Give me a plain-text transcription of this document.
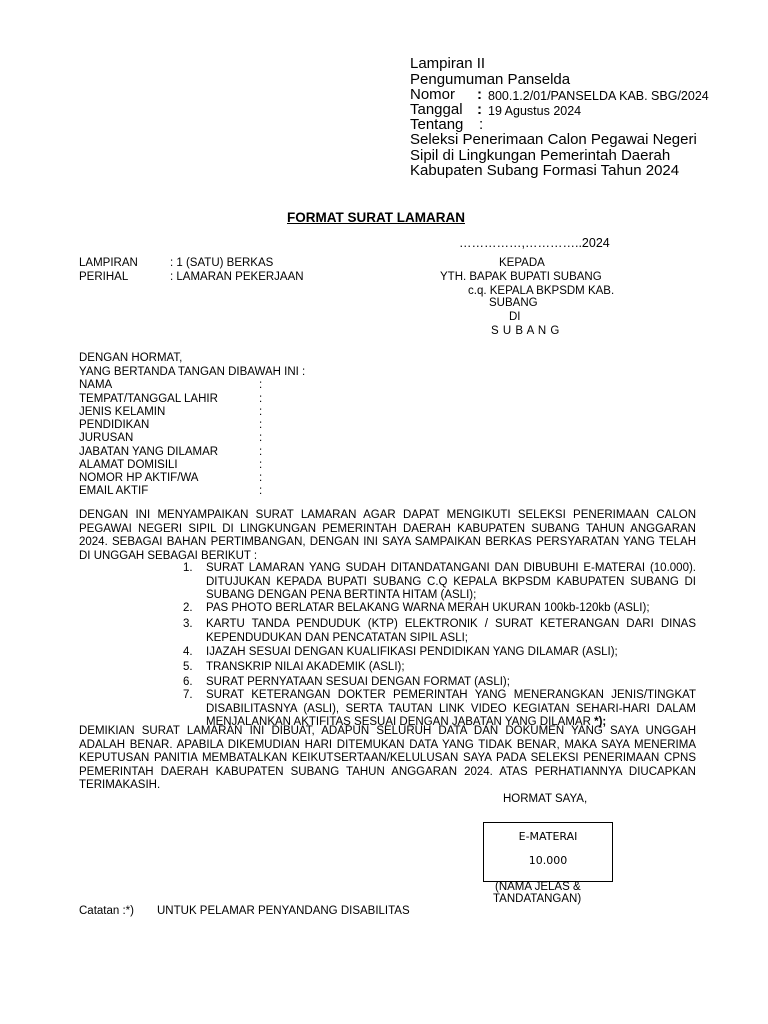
Lampiran II
Pengumuman Panselda
Nomor : 800.1.2/01/PANSELDA KAB. SBG/2024
Tanggal : 19 Agustus 2024
Tentang :
Seleksi Penerimaan Calon Pegawai Negeri
Sipil di Lingkungan Pemerintah Daerah
Kabupaten Subang Formasi Tahun 2024
FORMAT SURAT LAMARAN
……………,…………..2024
LAMPIRAN	: 1 (SATU) BERKAS
PERIHAL	: LAMARAN PEKERJAAN
KEPADA
YTH. BAPAK BUPATI SUBANG
c.q. KEPALA BKPSDM KAB.
SUBANG
DI
S U B A N G
DENGAN HORMAT,
YANG BERTANDA TANGAN DIBAWAH INI :
NAMA	:
TEMPAT/TANGGAL LAHIR	:
JENIS KELAMIN	:
PENDIDIKAN	:
JURUSAN	:
JABATAN YANG DILAMAR	:
ALAMAT DOMISILI	:
NOMOR HP AKTIF/WA	:
EMAIL AKTIF	:
DENGAN INI MENYAMPAIKAN SURAT LAMARAN AGAR DAPAT MENGIKUTI SELEKSI PENERIMAAN CALON PEGAWAI NEGERI SIPIL DI LINGKUNGAN PEMERINTAH DAERAH KABUPATEN SUBANG TAHUN ANGGARAN 2024. SEBAGAI BAHAN PERTIMBANGAN, DENGAN INI SAYA SAMPAIKAN BERKAS PERSYARATAN YANG TELAH DI UNGGAH SEBAGAI BERIKUT :
1. SURAT LAMARAN YANG SUDAH DITANDATANGANI DAN DIBUBUHI E-MATERAI (10.000). DITUJUKAN KEPADA BUPATI SUBANG C.Q KEPALA BKPSDM KABUPATEN SUBANG DI SUBANG DENGAN PENA BERTINTA HITAM (ASLI);
2. PAS PHOTO BERLATAR BELAKANG WARNA MERAH UKURAN 100kb-120kb (ASLI);
3. KARTU TANDA PENDUDUK (KTP) ELEKTRONIK / SURAT KETERANGAN DARI DINAS KEPENDUDUKAN DAN PENCATATAN SIPIL ASLI;
4. IJAZAH SESUAI DENGAN KUALIFIKASI PENDIDIKAN YANG DILAMAR (ASLI);
5. TRANSKRIP NILAI AKADEMIK (ASLI);
6. SURAT PERNYATAAN SESUAI DENGAN FORMAT (ASLI);
7. SURAT KETERANGAN DOKTER PEMERINTAH YANG MENERANGKAN JENIS/TINGKAT DISABILITASNYA (ASLI), SERTA TAUTAN LINK VIDEO KEGIATAN SEHARI-HARI DALAM MENJALANKAN AKTIFITAS SESUAI DENGAN JABATAN YANG DILAMAR *);
DEMIKIAN SURAT LAMARAN INI DIBUAT, ADAPUN SELURUH DATA DAN DOKUMEN YANG SAYA UNGGAH ADALAH BENAR. APABILA DIKEMUDIAN HARI DITEMUKAN DATA YANG TIDAK BENAR, MAKA SAYA MENERIMA KEPUTUSAN PANITIA MEMBATALKAN KEIKUTSERTAAN/KELULUSAN SAYA PADA SELEKSI PENERIMAAN CPNS PEMERINTAH DAERAH KABUPATEN SUBANG TAHUN ANGGARAN 2024. ATAS PERHATIANNYA DIUCAPKAN TERIMAKASIH.
HORMAT SAYA,
E-MATERAI
10.000
(NAMA JELAS &
TANDATANGAN)
Catatan :*) UNTUK PELAMAR PENYANDANG DISABILITAS
